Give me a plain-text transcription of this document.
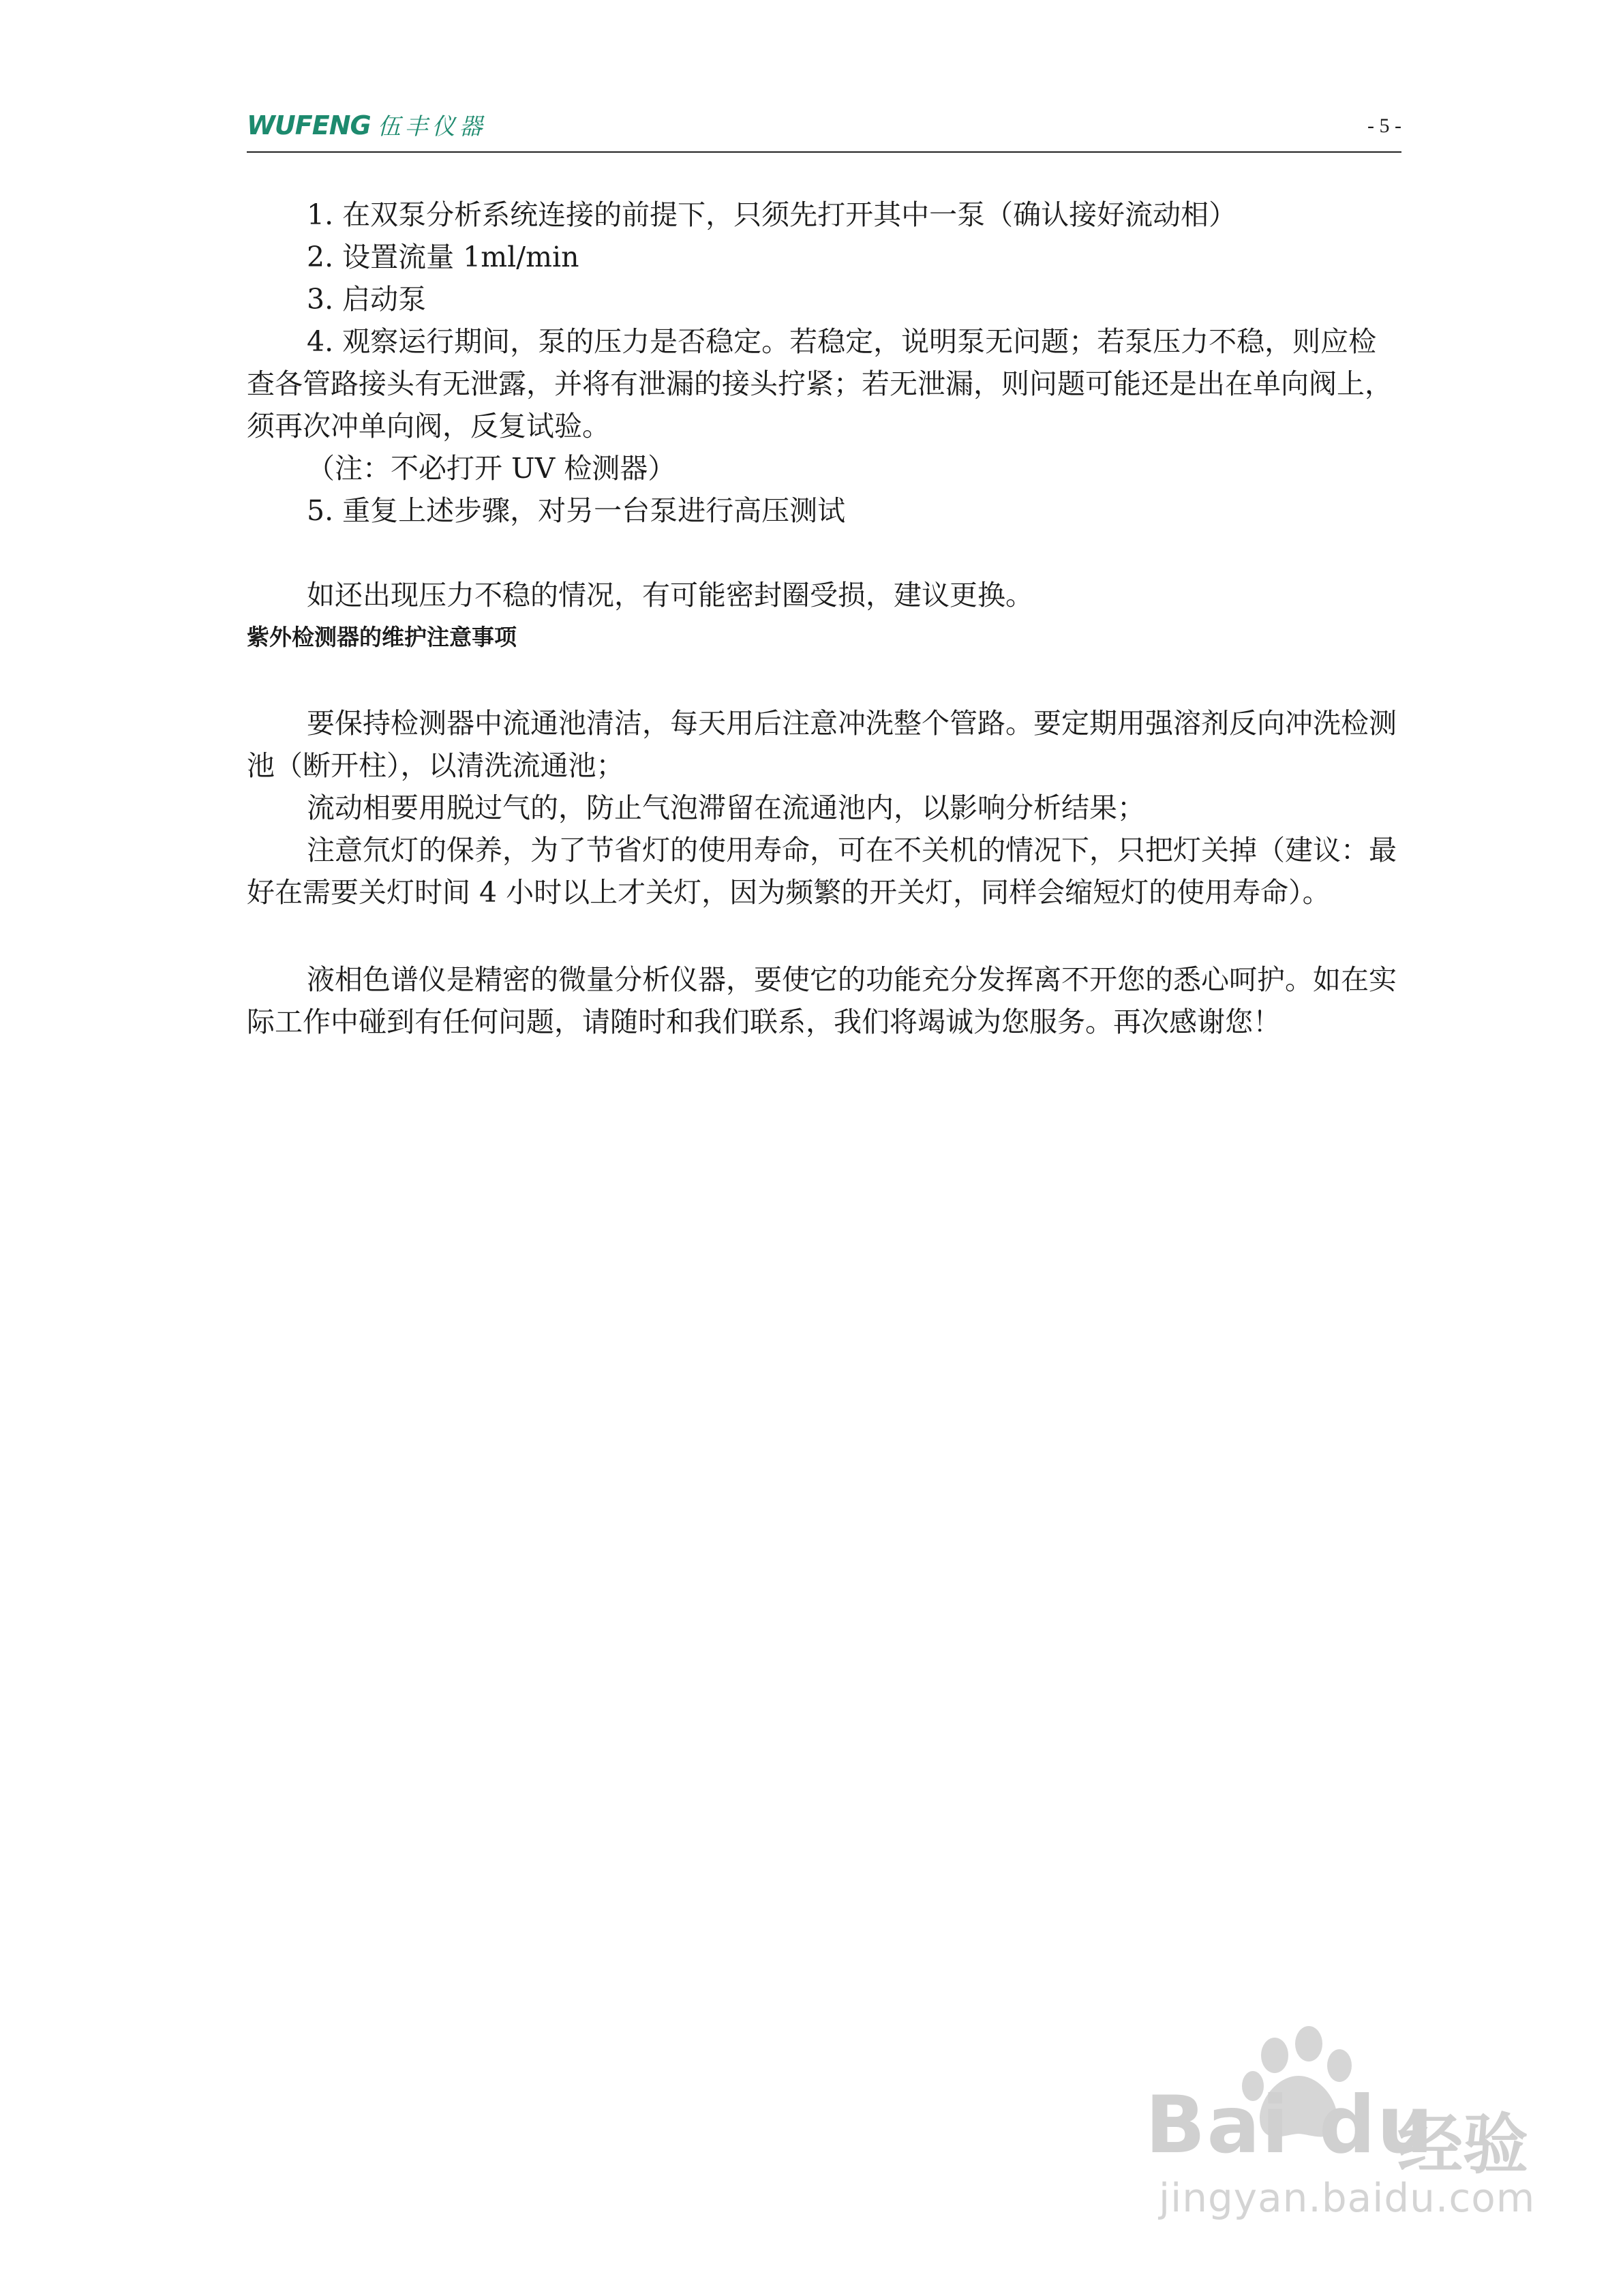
WUFENG 伍丰仪器	- 5 -

1. 在双泵分析系统连接的前提下，只须先打开其中一泵（确认接好流动相）

2. 设置流量 1ml/min

3. 启动泵

4. 观察运行期间，泵的压力是否稳定。若稳定，说明泵无问题；若泵压力不稳，则应检查各管路接头有无泄露，并将有泄漏的接头拧紧；若无泄漏，则问题可能还是出在单向阀上，须再次冲单向阀，反复试验。

（注：不必打开 UV 检测器）

5. 重复上述步骤，对另一台泵进行高压测试

如还出现压力不稳的情况，有可能密封圈受损，建议更换。

紫外检测器的维护注意事项

要保持检测器中流通池清洁，每天用后注意冲洗整个管路。要定期用强溶剂反向冲洗检测池（断开柱），以清洗流通池；

流动相要用脱过气的，防止气泡滞留在流通池内，以影响分析结果；

注意氘灯的保养，为了节省灯的使用寿命，可在不关机的情况下，只把灯关掉（建议：最好在需要关灯时间 4 小时以上才关灯，因为频繁的开关灯，同样会缩短灯的使用寿命）。

液相色谱仪是精密的微量分析仪器，要使它的功能充分发挥离不开您的悉心呵护。如在实际工作中碰到有任何问题，请随时和我们联系，我们将竭诚为您服务。再次感谢您！

Bai du
经验
jingyan.baidu.com
